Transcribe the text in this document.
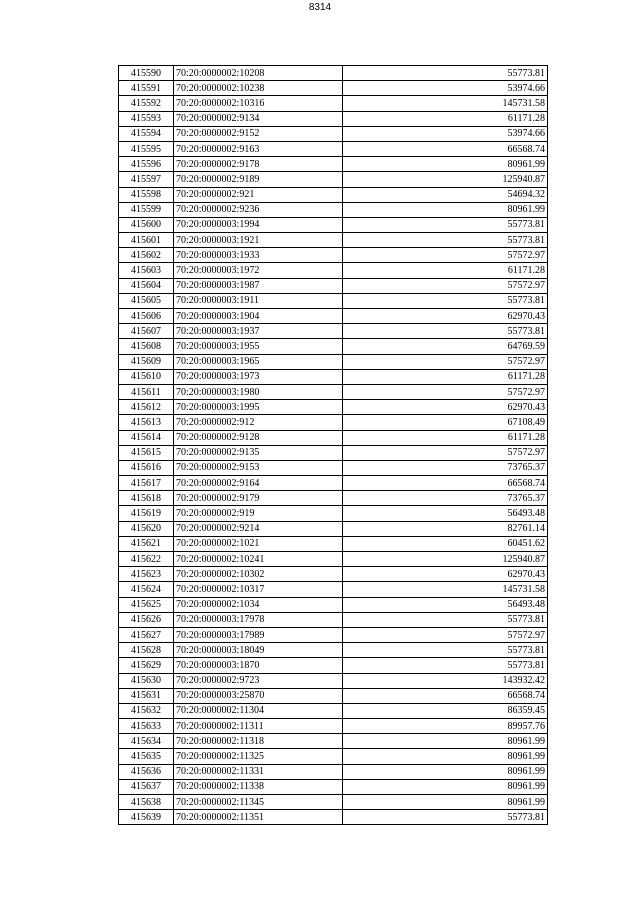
8314
415590	70:20:0000002:10208	55773.81
415591	70:20:0000002:10238	53974.66
415592	70:20:0000002:10316	145731.58
415593	70:20:0000002:9134	61171.28
415594	70:20:0000002:9152	53974.66
415595	70:20:0000002:9163	66568.74
415596	70:20:0000002:9178	80961.99
415597	70:20:0000002:9189	125940.87
415598	70:20:0000002:921	54694.32
415599	70:20:0000002:9236	80961.99
415600	70:20:0000003:1994	55773.81
415601	70:20:0000003:1921	55773.81
415602	70:20:0000003:1933	57572.97
415603	70:20:0000003:1972	61171.28
415604	70:20:0000003:1987	57572.97
415605	70:20:0000003:1911	55773.81
415606	70:20:0000003:1904	62970.43
415607	70:20:0000003:1937	55773.81
415608	70:20:0000003:1955	64769.59
415609	70:20:0000003:1965	57572.97
415610	70:20:0000003:1973	61171.28
415611	70:20:0000003:1980	57572.97
415612	70:20:0000003:1995	62970.43
415613	70:20:0000002:912	67108.49
415614	70:20:0000002:9128	61171.28
415615	70:20:0000002:9135	57572.97
415616	70:20:0000002:9153	73765.37
415617	70:20:0000002:9164	66568.74
415618	70:20:0000002:9179	73765.37
415619	70:20:0000002:919	56493.48
415620	70:20:0000002:9214	82761.14
415621	70:20:0000002:1021	60451.62
415622	70:20:0000002:10241	125940.87
415623	70:20:0000002:10302	62970.43
415624	70:20:0000002:10317	145731.58
415625	70:20:0000002:1034	56493.48
415626	70:20:0000003:17978	55773.81
415627	70:20:0000003:17989	57572.97
415628	70:20:0000003:18049	55773.81
415629	70:20:0000003:1870	55773.81
415630	70:20:0000002:9723	143932.42
415631	70:20:0000003:25870	66568.74
415632	70:20:0000002:11304	86359.45
415633	70:20:0000002:11311	89957.76
415634	70:20:0000002:11318	80961.99
415635	70:20:0000002:11325	80961.99
415636	70:20:0000002:11331	80961.99
415637	70:20:0000002:11338	80961.99
415638	70:20:0000002:11345	80961.99
415639	70:20:0000002:11351	55773.81
